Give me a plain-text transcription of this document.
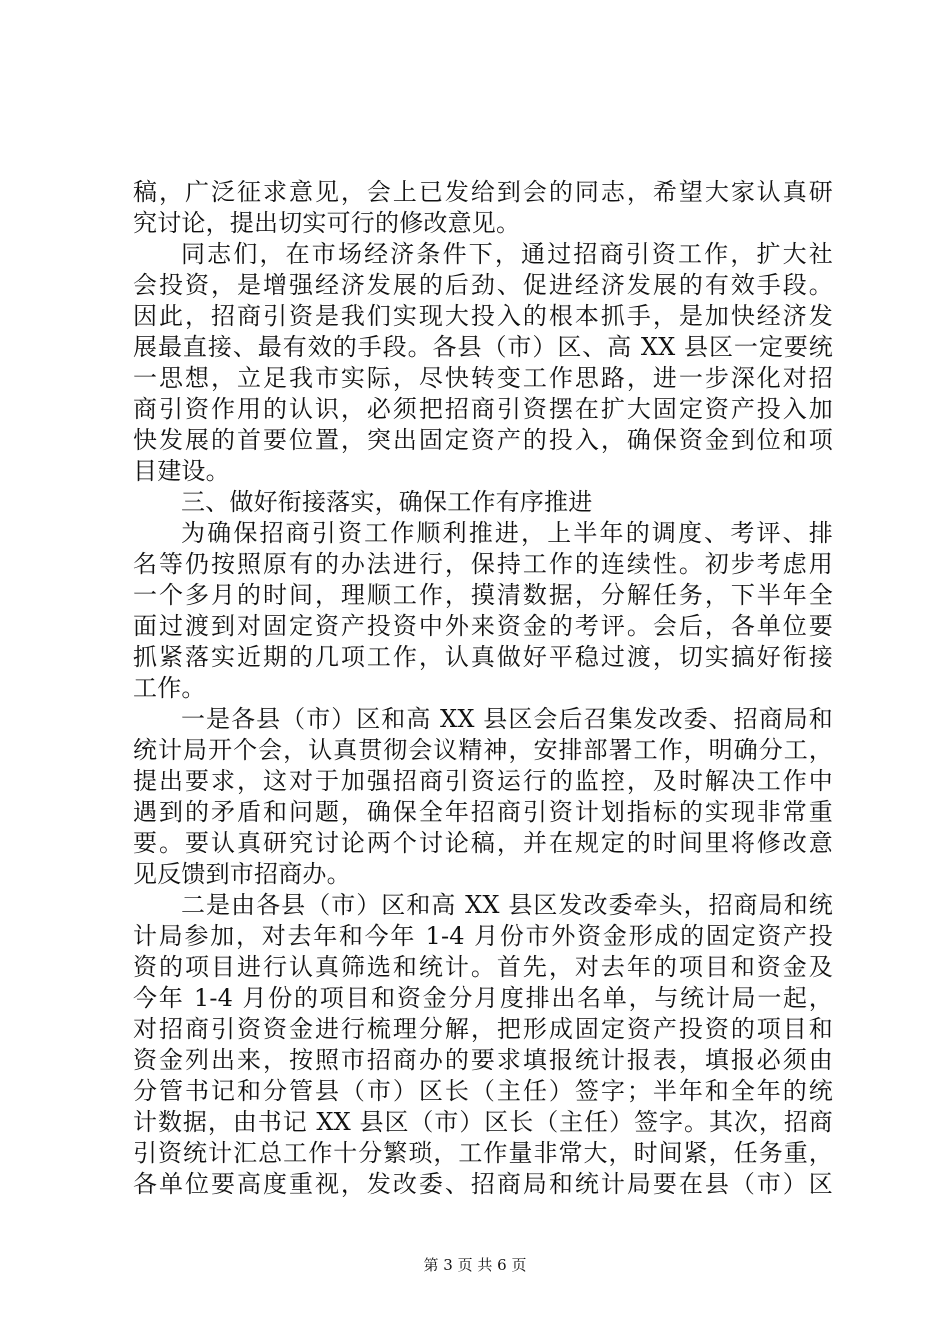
稿，广泛征求意见，会上已发给到会的同志，希望大家认真研
究讨论，提出切实可行的修改意见。
同志们，在市场经济条件下，通过招商引资工作，扩大社
会投资，是增强经济发展的后劲、促进经济发展的有效手段。
因此，招商引资是我们实现大投入的根本抓手，是加快经济发
展最直接、最有效的手段。各县（市）区、高 XX 县区一定要统
一思想，立足我市实际，尽快转变工作思路，进一步深化对招
商引资作用的认识，必须把招商引资摆在扩大固定资产投入加
快发展的首要位置，突出固定资产的投入，确保资金到位和项
目建设。
三、做好衔接落实，确保工作有序推进
为确保招商引资工作顺利推进，上半年的调度、考评、排
名等仍按照原有的办法进行，保持工作的连续性。初步考虑用
一个多月的时间，理顺工作，摸清数据，分解任务，下半年全
面过渡到对固定资产投资中外来资金的考评。会后，各单位要
抓紧落实近期的几项工作，认真做好平稳过渡，切实搞好衔接
工作。
一是各县（市）区和高 XX 县区会后召集发改委、招商局和
统计局开个会，认真贯彻会议精神，安排部署工作，明确分工，
提出要求，这对于加强招商引资运行的监控，及时解决工作中
遇到的矛盾和问题，确保全年招商引资计划指标的实现非常重
要。要认真研究讨论两个讨论稿，并在规定的时间里将修改意
见反馈到市招商办。
二是由各县（市）区和高 XX 县区发改委牵头，招商局和统
计局参加，对去年和今年 1-4 月份市外资金形成的固定资产投
资的项目进行认真筛选和统计。首先，对去年的项目和资金及
今年 1-4 月份的项目和资金分月度排出名单，与统计局一起，
对招商引资资金进行梳理分解，把形成固定资产投资的项目和
资金列出来，按照市招商办的要求填报统计报表，填报必须由
分管书记和分管县（市）区长（主任）签字；半年和全年的统
计数据，由书记 XX 县区（市）区长（主任）签字。其次，招商
引资统计汇总工作十分繁琐，工作量非常大，时间紧，任务重，
各单位要高度重视，发改委、招商局和统计局要在县（市）区
第 3 页 共 6 页
